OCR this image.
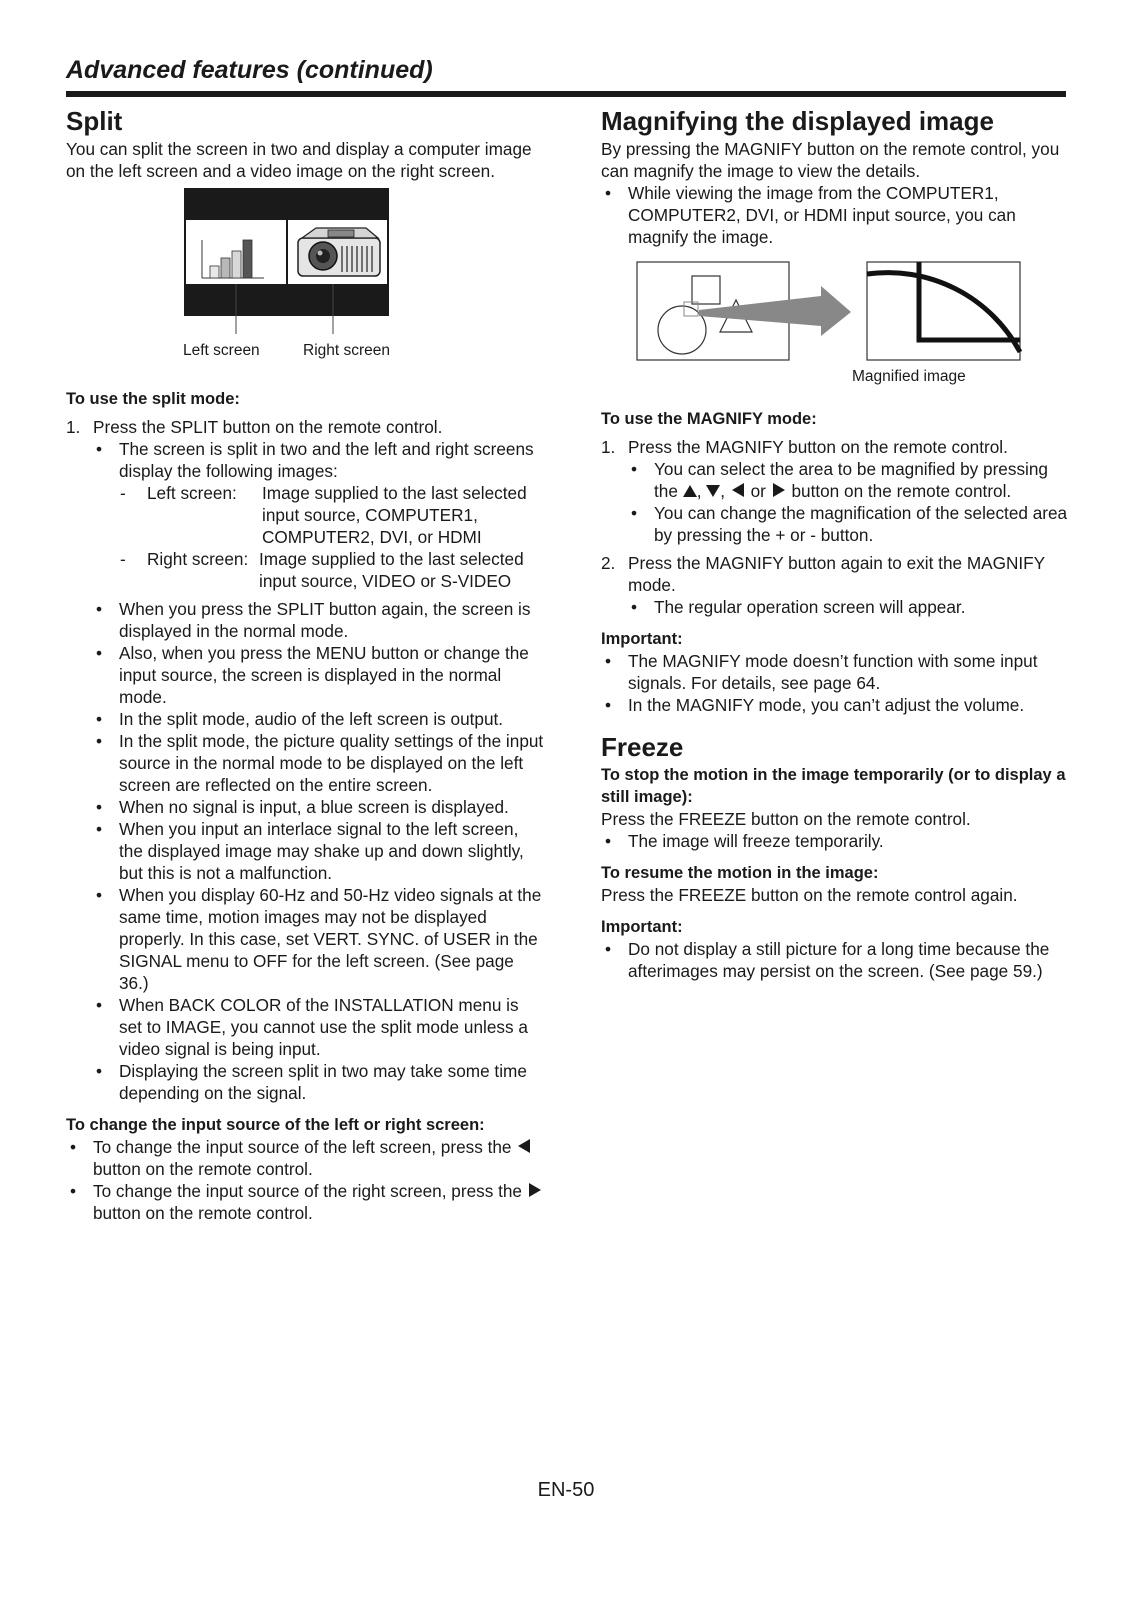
Advanced features (continued)
Split

You can split the screen in two and display a computer image on the left screen and a video image on the right screen.

Left screen	Right screen
To use the split mode:
1. Press the SPLIT button on the remote control.
• The screen is split in two and the left and right screens display the following images:
- Left screen:	Image supplied to the last selected input source, COMPUTER1, COMPUTER2, DVI, or HDMI
- Right screen: Image supplied to the last selected input source, VIDEO or S-VIDEO
• When you press the SPLIT button again, the screen is displayed in the normal mode.
• Also, when you press the MENU button or change the input source, the screen is displayed in the normal mode.
• In the split mode, audio of the left screen is output.
• In the split mode, the picture quality settings of the input source in the normal mode to be displayed on the left screen are reflected on the entire screen.
• When no signal is input, a blue screen is displayed.
• When you input an interlace signal to the left screen, the displayed image may shake up and down slightly, but this is not a malfunction.
• When you display 60-Hz and 50-Hz video signals at the same time, motion images may not be displayed properly. In this case, set VERT. SYNC. of USER in the SIGNAL menu to OFF for the left screen. (See page 36.)
• When BACK COLOR of the INSTALLATION menu is set to IMAGE, you cannot use the split mode unless a video signal is being input.
• Displaying the screen split in two may take some time depending on the signal.
To change the input source of the left or right screen:
• To change the input source of the left screen, press the  button on the remote control.
• To change the input source of the right screen, press the  button on the remote control.
Magnifying the displayed image

By pressing the MAGNIFY button on the remote control, you can magnify the image to view the details.

• While viewing the image from the COMPUTER1, COMPUTER2, DVI, or HDMI input source, you can magnify the image.
Magnified image
To use the MAGNIFY mode:
1. Press the MAGNIFY button on the remote control.
• You can select the area to be magnified by pressing the , ,  or button on the remote control.
• You can change the magnification of the selected area by pressing the + or - button.
2. Press the MAGNIFY button again to exit the MAGNIFY mode.
• The regular operation screen will appear.
Important:
• The MAGNIFY mode doesn’t function with some input signals. For details, see page 64.
• In the MAGNIFY mode, you can’t adjust the volume.
Freeze
To stop the motion in the image temporarily (or to display a still image):

Press the FREEZE button on the remote control.

• The image will freeze temporarily.
To resume the motion in the image:

Press the FREEZE button on the remote control again.

Important:
• Do not display a still picture for a long time because the afterimages may persist on the screen. (See page 59.)
EN-50
